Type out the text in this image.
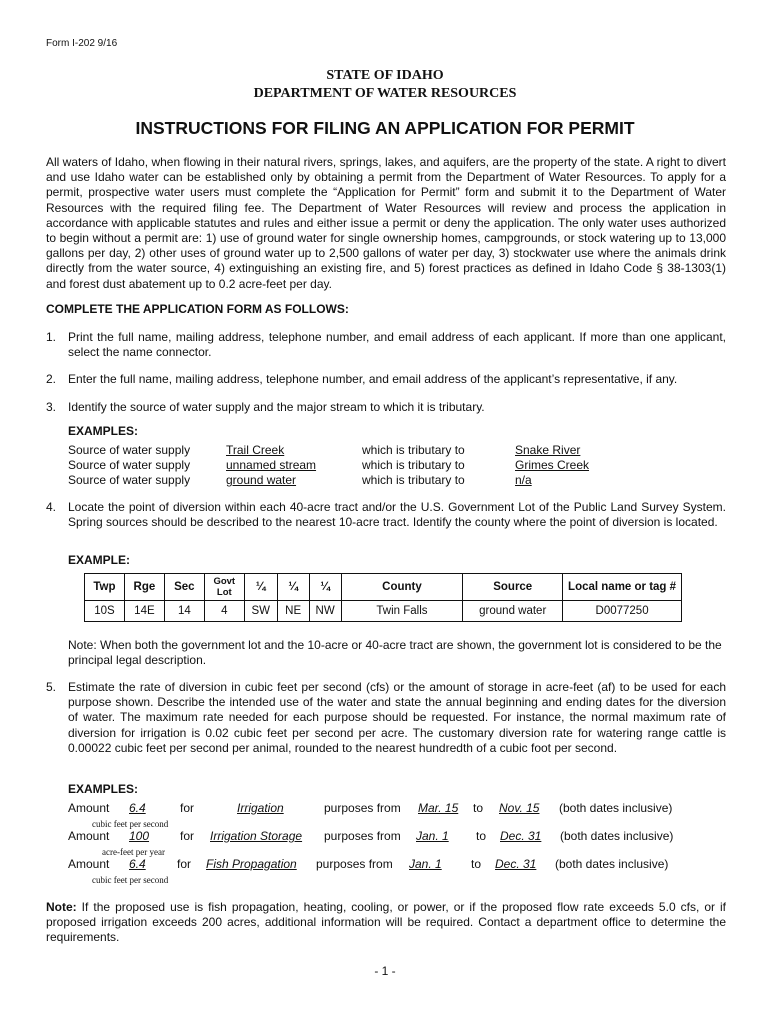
Form I-202 9/16
STATE OF IDAHO
DEPARTMENT OF WATER RESOURCES
INSTRUCTIONS FOR FILING AN APPLICATION FOR PERMIT
All waters of Idaho, when flowing in their natural rivers, springs, lakes, and aquifers, are the property of the state. A right to divert and use Idaho water can be established only by obtaining a permit from the Department of Water Resources. To apply for a permit, prospective water users must complete the “Application for Permit” form and submit it to the Department of Water Resources with the required filing fee. The Department of Water Resources will review and process the application in accordance with applicable statutes and rules and either issue a permit or deny the application. The only water uses authorized to begin without a permit are: 1) use of ground water for single ownership homes, campgrounds, or stock watering up to 13,000 gallons per day, 2) other uses of ground water up to 2,500 gallons of water per day, 3) stockwater use where the animals drink directly from the water source, 4) extinguishing an existing fire, and 5) forest practices as defined in Idaho Code § 38-1303(1) and forest dust abatement up to 0.2 acre-feet per day.
COMPLETE THE APPLICATION FORM AS FOLLOWS:
1. Print the full name, mailing address, telephone number, and email address of each applicant. If more than one applicant, select the name connector.
2. Enter the full name, mailing address, telephone number, and email address of the applicant’s representative, if any.
3. Identify the source of water supply and the major stream to which it is tributary.
EXAMPLES:
Source of water supply	Trail Creek	which is tributary to	Snake River
Source of water supply	unnamed stream	which is tributary to	Grimes Creek
Source of water supply	ground water	which is tributary to	n/a
4. Locate the point of diversion within each 40-acre tract and/or the U.S. Government Lot of the Public Land Survey System. Spring sources should be described to the nearest 10-acre tract. Identify the county where the point of diversion is located.
EXAMPLE:
Twp	Rge	Sec	Govt Lot	¼	¼	¼	County	Source	Local name or tag #
10S	14E	14	4	SW	NE	NW	Twin Falls	ground water	D0077250
Note: When both the government lot and the 10-acre or 40-acre tract are shown, the government lot is considered to be the principal legal description.
5. Estimate the rate of diversion in cubic feet per second (cfs) or the amount of storage in acre-feet (af) to be used for each purpose shown. Describe the intended use of the water and state the annual beginning and ending dates for the diversion of water. The maximum rate needed for each purpose should be requested. For instance, the normal maximum rate of diversion for irrigation is 0.02 cubic feet per second per acre. The customary diversion rate for watering range cattle is 0.00022 cubic feet per second per animal, rounded to the nearest hundredth of a cubic foot per second.
EXAMPLES:
Amount 6.4
cubic feet per second
for	Irrigation	purposes from Mar. 15 to Nov. 15 (both dates inclusive)
Amount 100
acre-feet per year
for Irrigation Storage purposes from Jan. 1 to Dec. 31 (both dates inclusive)
Amount 6.4
cubic feet per second
for Fish Propagation purposes from Jan. 1 to Dec. 31 (both dates inclusive)
Note: If the proposed use is fish propagation, heating, cooling, or power, or if the proposed flow rate exceeds 5.0 cfs, or if proposed irrigation exceeds 200 acres, additional information will be required. Contact a department office to determine the requirements.
- 1 -
